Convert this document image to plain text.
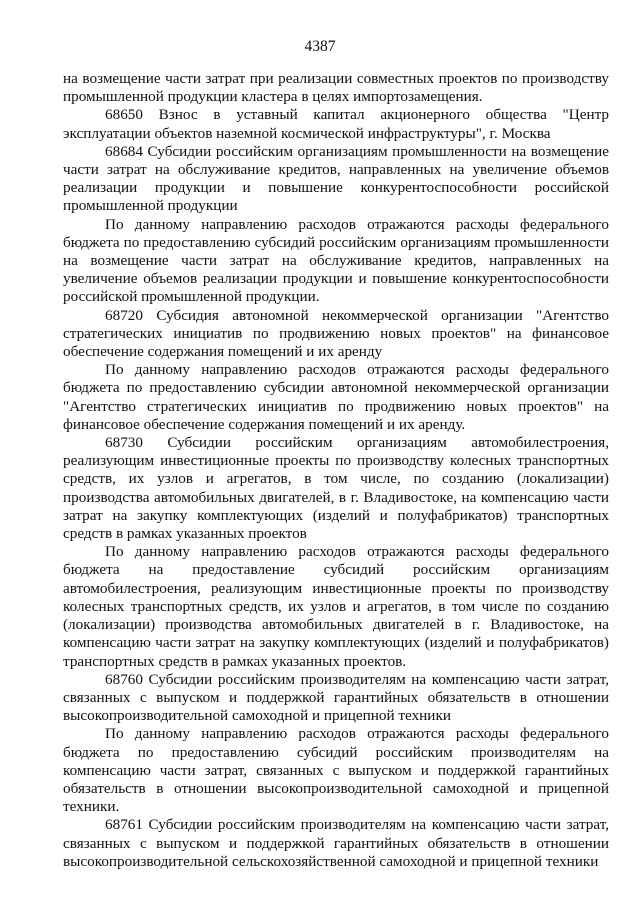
4387

на возмещение части затрат при реализации совместных проектов по производству промышленной продукции кластера в целях импортозамещения.

68650 Взнос в уставный капитал акционерного общества "Центр эксплуатации объектов наземной космической инфраструктуры", г. Москва

68684 Субсидии российским организациям промышленности на возмещение части затрат на обслуживание кредитов, направленных на увеличение объемов реализации продукции и повышение конкурентоспособности российской промышленной продукции

По данному направлению расходов отражаются расходы федерального бюджета по предоставлению субсидий российским организациям промышленности на возмещение части затрат на обслуживание кредитов, направленных на увеличение объемов реализации продукции и повышение конкурентоспособности российской промышленной продукции.

68720 Субсидия автономной некоммерческой организации "Агентство стратегических инициатив по продвижению новых проектов" на финансовое обеспечение содержания помещений и их аренду

По данному направлению расходов отражаются расходы федерального бюджета по предоставлению субсидии автономной некоммерческой организации "Агентство стратегических инициатив по продвижению новых проектов" на финансовое обеспечение содержания помещений и их аренду.

68730 Субсидии российским организациям автомобилестроения, реализующим инвестиционные проекты по производству колесных транспортных средств, их узлов и агрегатов, в том числе, по созданию (локализации) производства автомобильных двигателей, в г. Владивостоке, на компенсацию части затрат на закупку комплектующих (изделий и полуфабрикатов) транспортных средств в рамках указанных проектов

По данному направлению расходов отражаются расходы федерального бюджета на предоставление субсидий российским организациям автомобилестроения, реализующим инвестиционные проекты по производству колесных транспортных средств, их узлов и агрегатов, в том числе по созданию (локализации) производства автомобильных двигателей в г. Владивостоке, на компенсацию части затрат на закупку комплектующих (изделий и полуфабрикатов) транспортных средств в рамках указанных проектов.

68760 Субсидии российским производителям на компенсацию части затрат, связанных с выпуском и поддержкой гарантийных обязательств в отношении высокопроизводительной самоходной и прицепной техники

По данному направлению расходов отражаются расходы федерального бюджета по предоставлению субсидий российским производителям на компенсацию части затрат, связанных с выпуском и поддержкой гарантийных обязательств в отношении высокопроизводительной самоходной и прицепной техники.

68761 Субсидии российским производителям на компенсацию части затрат, связанных с выпуском и поддержкой гарантийных обязательств в отношении высокопроизводительной сельскохозяйственной самоходной и прицепной техники
